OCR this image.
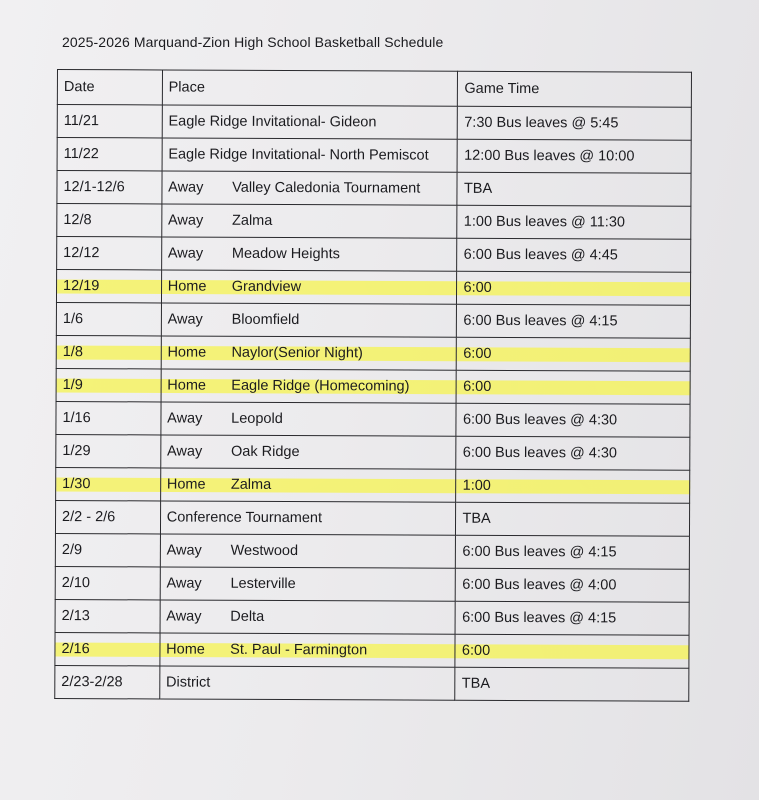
2025-2026 Marquand-Zion High School Basketball Schedule
Date	Place	Game Time
11/21	Eagle Ridge Invitational- Gideon	7:30 Bus leaves @ 5:45
11/22	Eagle Ridge Invitational- North Pemiscot	12:00 Bus leaves @ 10:00
12/1-12/6	Away Valley Caledonia Tournament	TBA
12/8	Away Zalma	1:00 Bus leaves @ 11:30
12/12	Away Meadow Heights	6:00 Bus leaves @ 4:45
12/19	Home Grandview	6:00
1/6	Away Bloomfield	6:00 Bus leaves @ 4:15
1/8	Home Naylor(Senior Night)	6:00
1/9	Home Eagle Ridge (Homecoming)	6:00
1/16	Away Leopold	6:00 Bus leaves @ 4:30
1/29	Away Oak Ridge	6:00 Bus leaves @ 4:30
1/30	Home Zalma	1:00
2/2 - 2/6	Conference Tournament	TBA
2/9	Away Westwood	6:00 Bus leaves @ 4:15
2/10	Away Lesterville	6:00 Bus leaves @ 4:00
2/13	Away Delta	6:00 Bus leaves @ 4:15
2/16	Home St. Paul - Farmington	6:00
2/23-2/28	District	TBA
